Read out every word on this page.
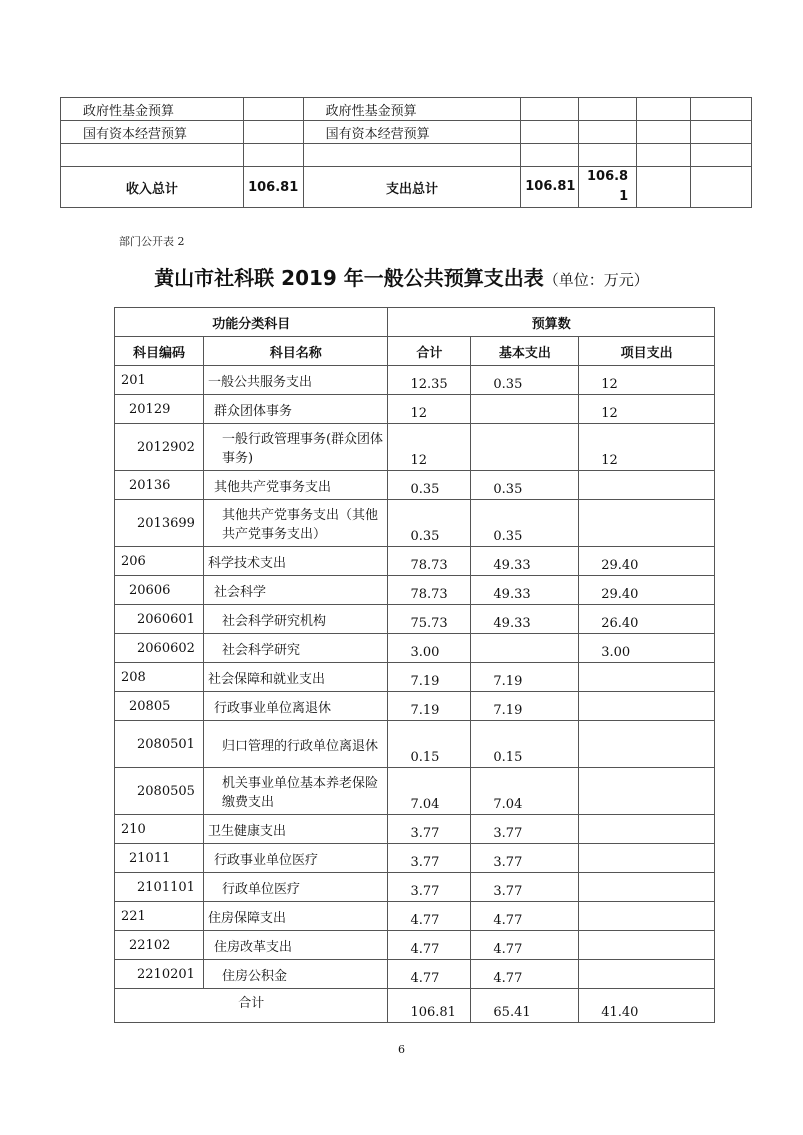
政府性基金预算		政府性基金预算				
国有资本经营预算		国有资本经营预算				

收入总计	106.81	支出总计	106.81	106.81		
部门公开表 2
黄山市社科联 2019 年一般公共预算支出表（单位：万元）
功能分类科目		预算数		
科目编码	科目名称	合计	基本支出	项目支出
201	一般公共服务支出	12.35	0.35	12
20129	群众团体事务	12		12
2012902	一般行政管理事务(群众团体事务)	12		12
20136	其他共产党事务支出	0.35	0.35	
2013699	其他共产党事务支出（其他共产党事务支出）	0.35	0.35	
206	科学技术支出	78.73	49.33	29.40
20606	社会科学	78.73	49.33	29.40
2060601	社会科学研究机构	75.73	49.33	26.40
2060602	社会科学研究	3.00		3.00
208	社会保障和就业支出	7.19	7.19	
20805	行政事业单位离退休	7.19	7.19	
2080501	归口管理的行政单位离退休	0.15	0.15	
2080505	机关事业单位基本养老保险缴费支出	7.04	7.04	
210	卫生健康支出	3.77	3.77	
21011	行政事业单位医疗	3.77	3.77	
2101101	行政单位医疗	3.77	3.77	
221	住房保障支出	4.77	4.77	
22102	住房改革支出	4.77	4.77	
2210201	住房公积金	4.77	4.77	
合计		106.81	65.41	41.40
6
